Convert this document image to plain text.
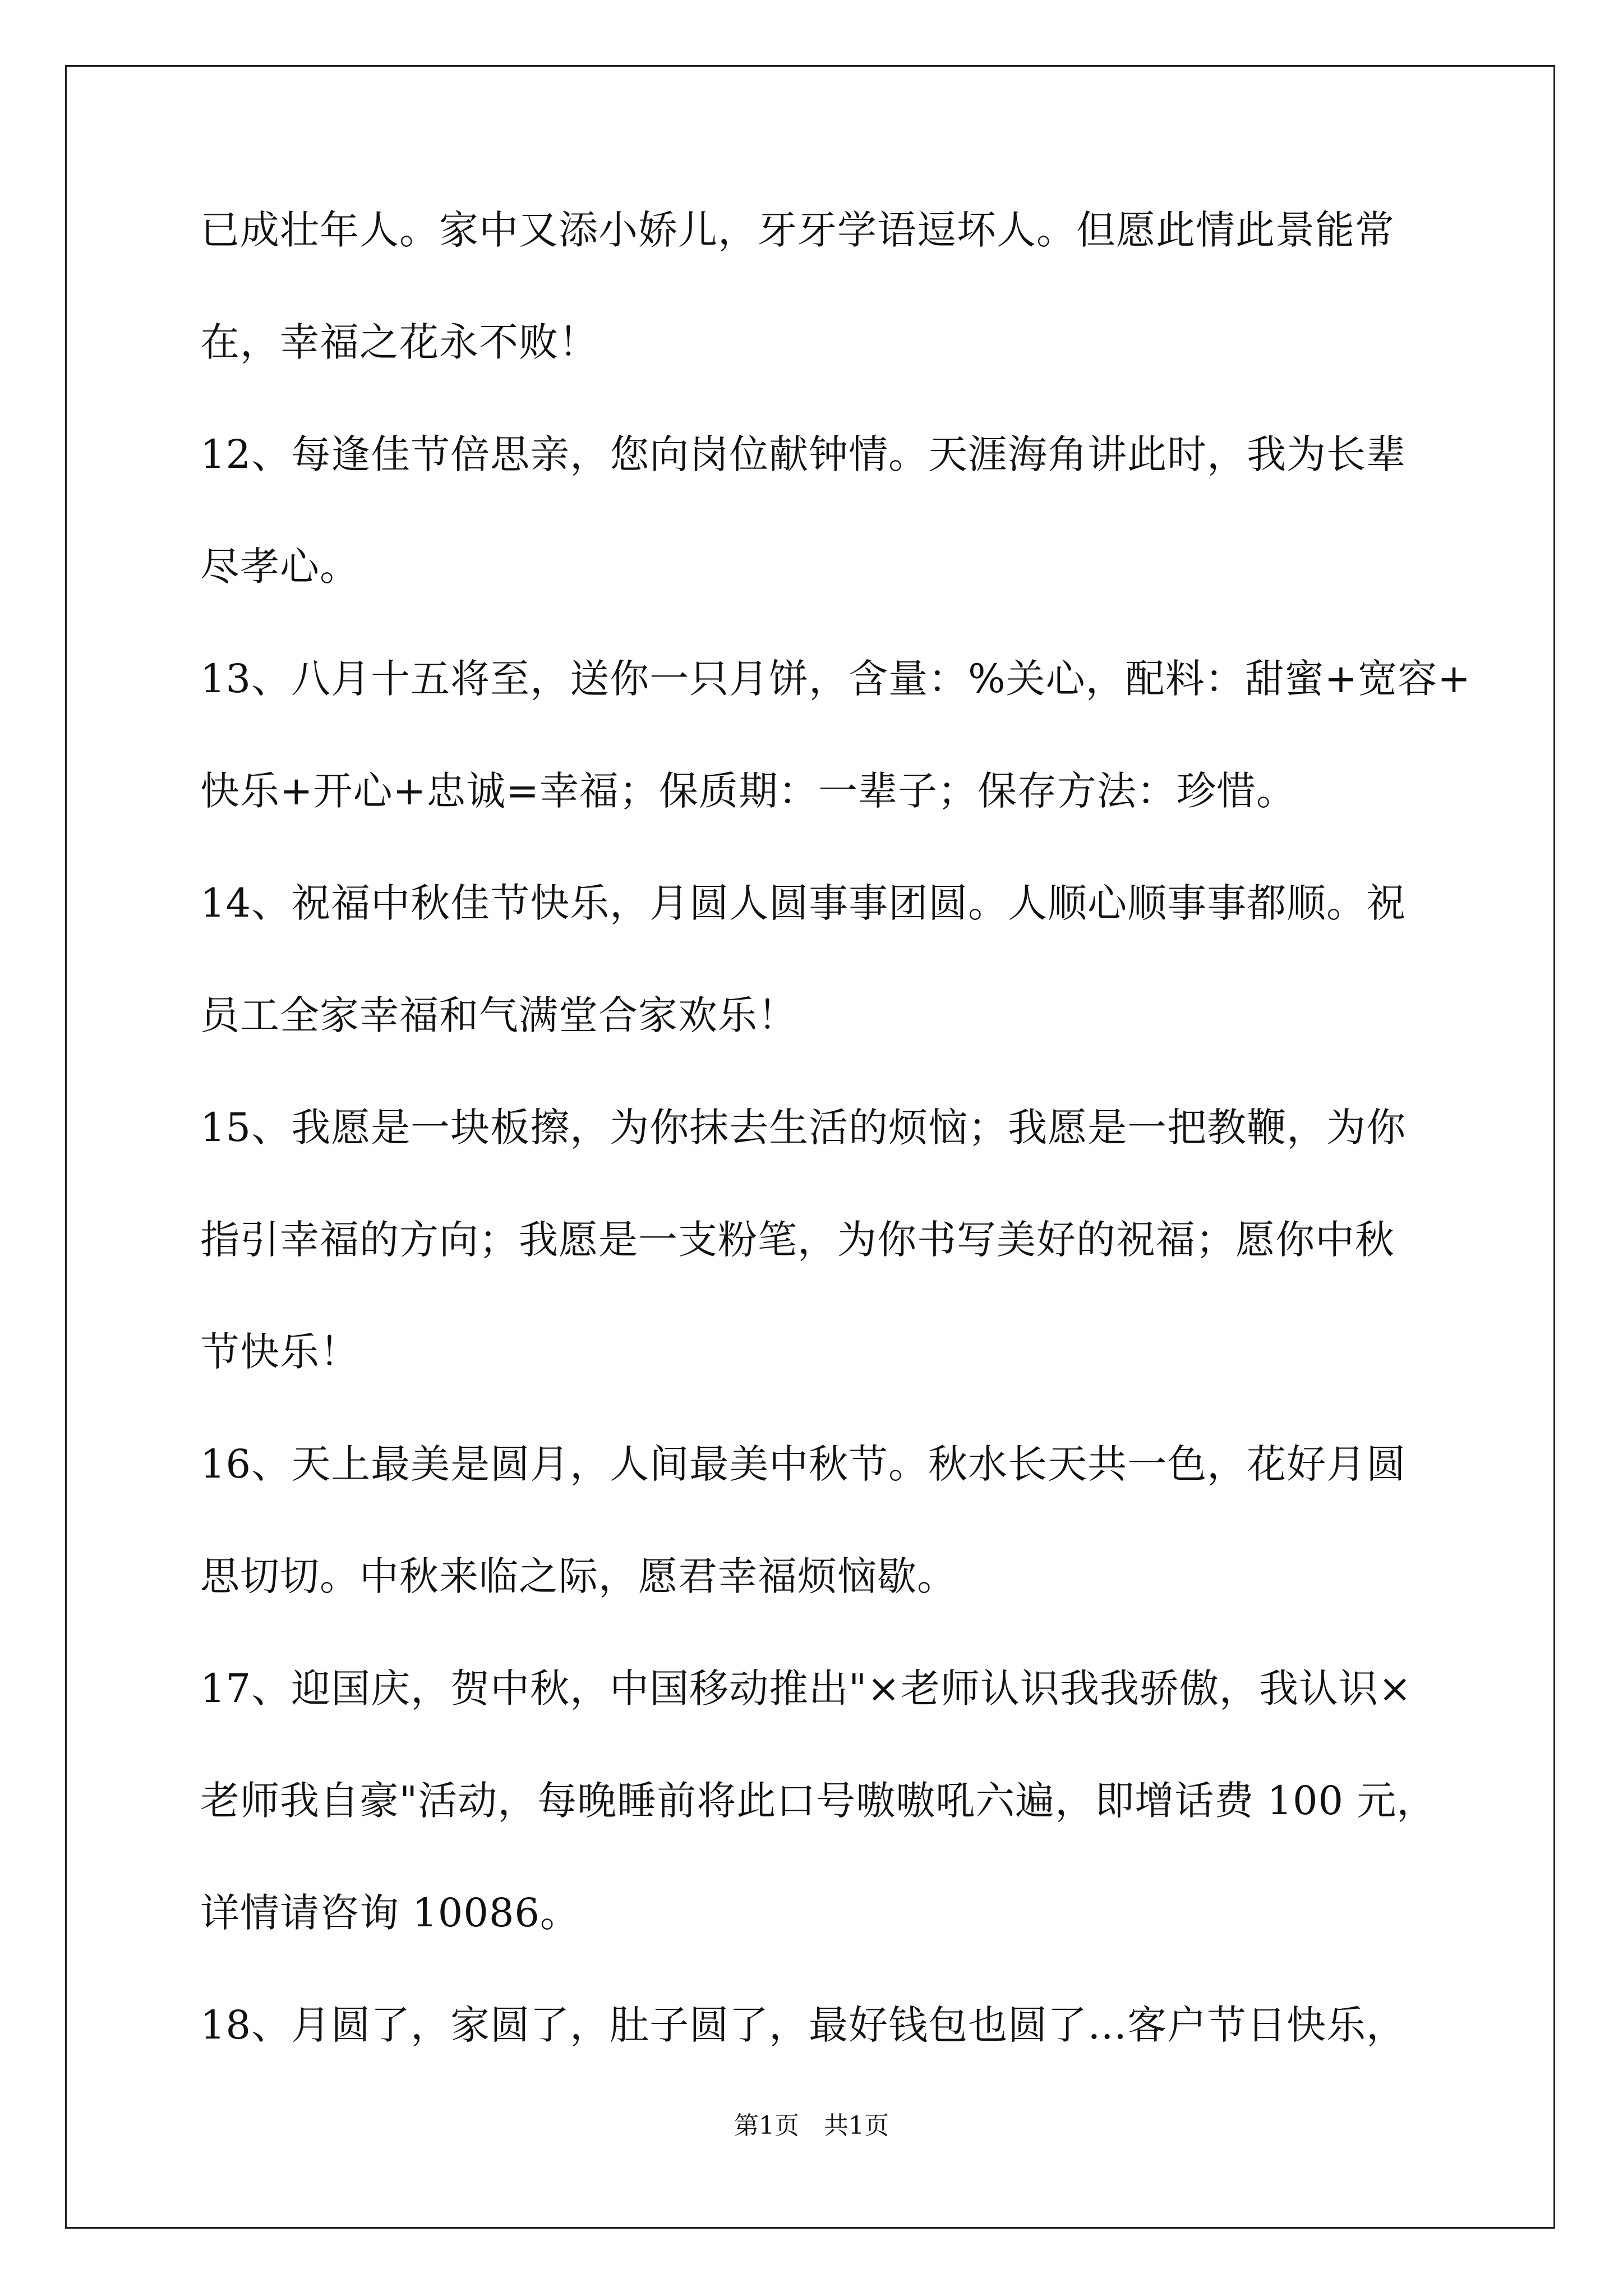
已成壮年人。家中又添小娇儿，牙牙学语逗坏人。但愿此情此景能常
在，幸福之花永不败！
12、每逢佳节倍思亲，您向岗位献钟情。天涯海角讲此时，我为长辈
尽孝心。
13、八月十五将至，送你一只月饼，含量：%关心，配料：甜蜜+宽容+
快乐+开心+忠诚=幸福；保质期：一辈子；保存方法：珍惜。
14、祝福中秋佳节快乐，月圆人圆事事团圆。人顺心顺事事都顺。祝
员工全家幸福和气满堂合家欢乐！
15、我愿是一块板擦，为你抹去生活的烦恼；我愿是一把教鞭，为你
指引幸福的方向；我愿是一支粉笔，为你书写美好的祝福；愿你中秋
节快乐！
16、天上最美是圆月，人间最美中秋节。秋水长天共一色，花好月圆
思切切。中秋来临之际，愿君幸福烦恼歇。
17、迎国庆，贺中秋，中国移动推出"×老师认识我我骄傲，我认识×
老师我自豪"活动，每晚睡前将此口号嗷嗷吼六遍，即增话费 100 元，
详情请咨询 10086。
18、月圆了，家圆了，肚子圆了，最好钱包也圆了…客户节日快乐，
第1页　共1页
